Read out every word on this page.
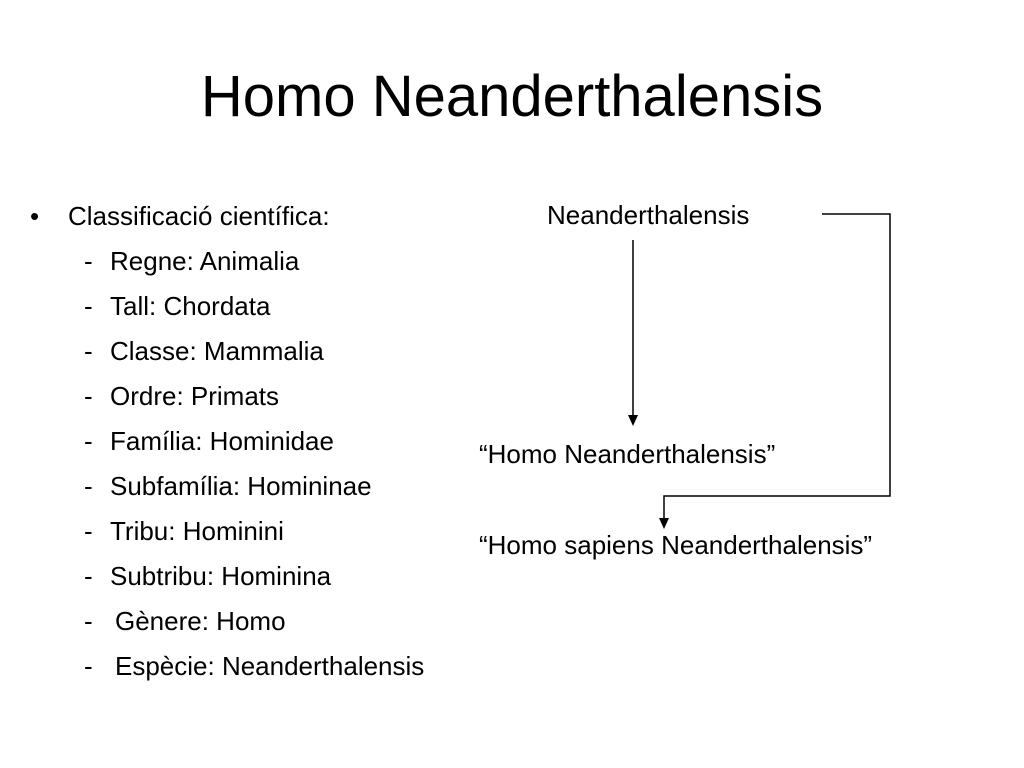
Homo Neanderthalensis
• Classificació científica:
- Regne: Animalia
- Tall: Chordata
- Classe: Mammalia
- Ordre: Primats
- Família: Hominidae
- Subfamília: Homininae
- Tribu: Hominini
- Subtribu: Hominina
- Gènere: Homo
- Espècie: Neanderthalensis
Neanderthalensis
“Homo Neanderthalensis”
“Homo sapiens Neanderthalensis”
